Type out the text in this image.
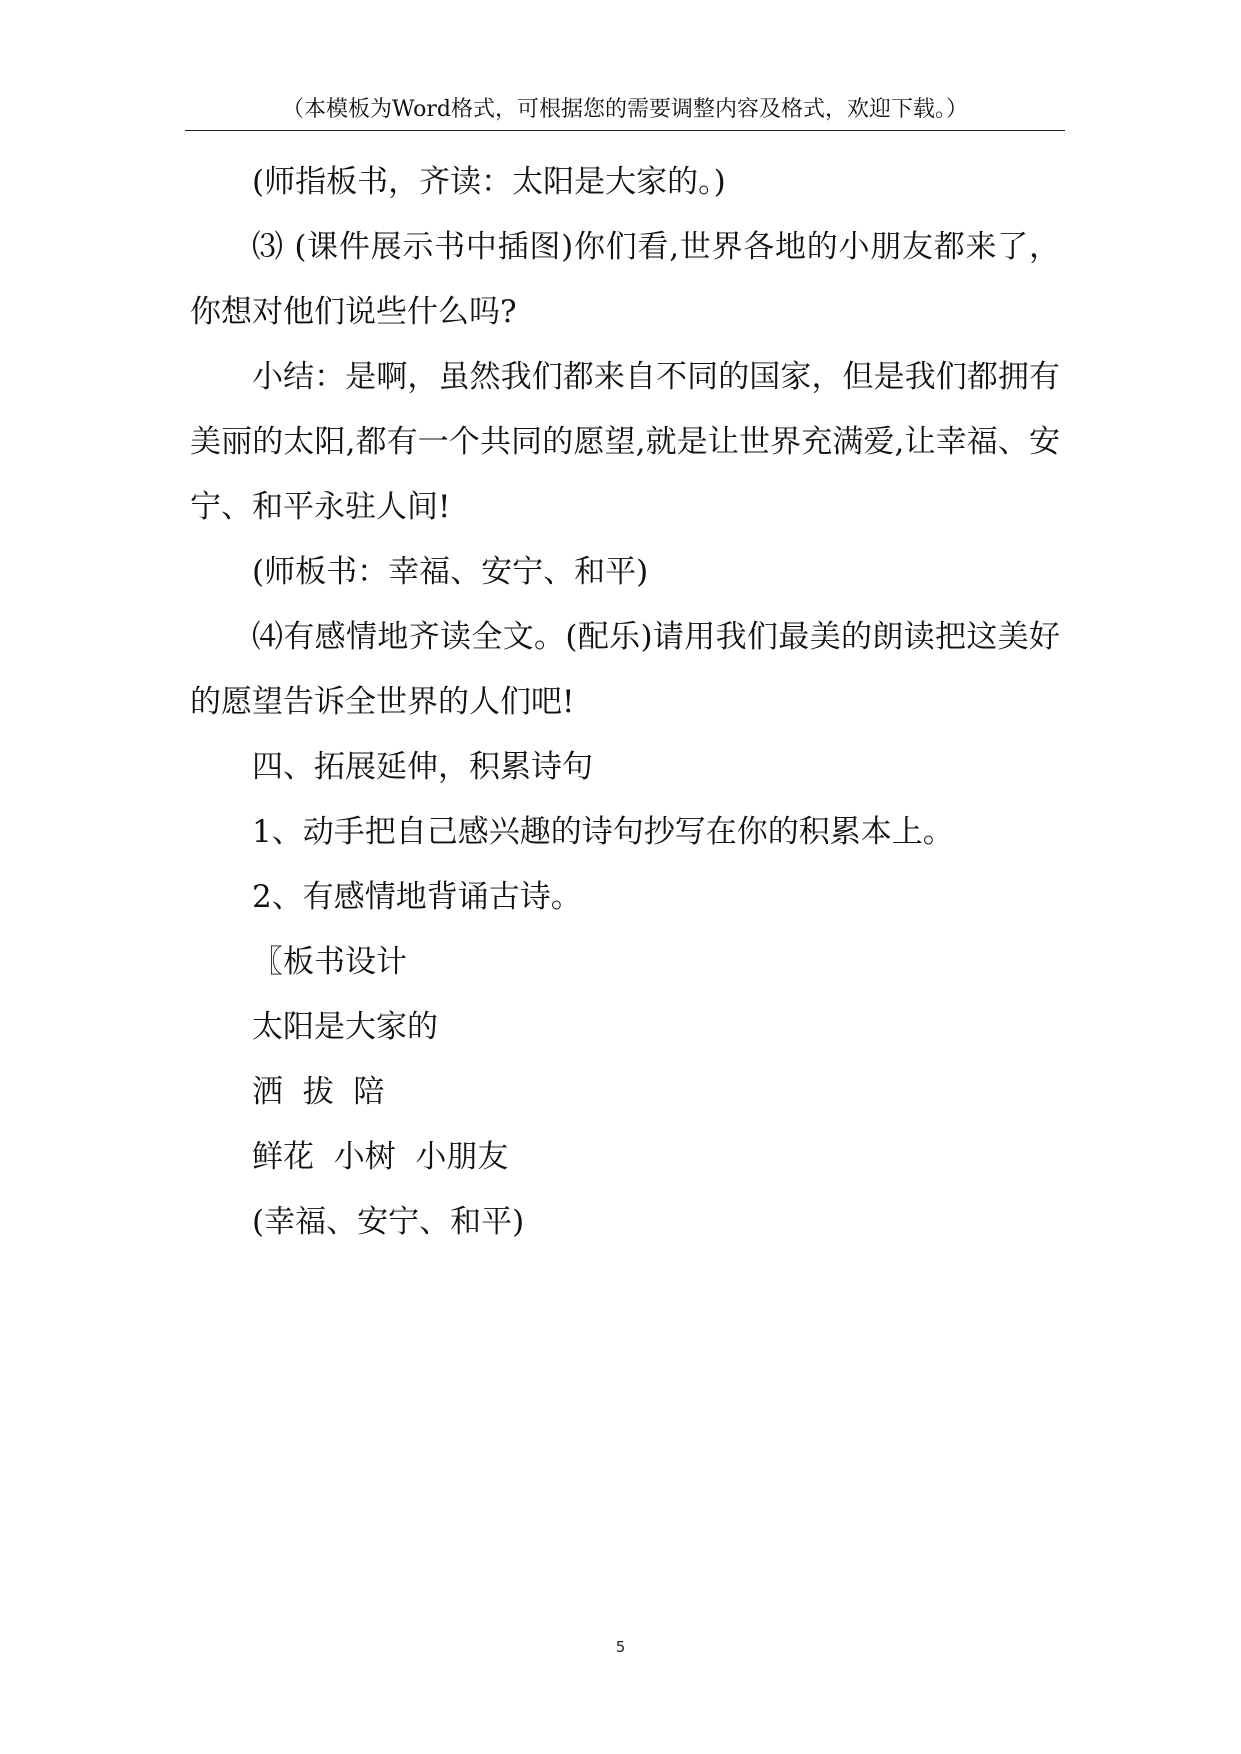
（本模板为Word格式，可根据您的需要调整内容及格式，欢迎下载。）

(师指板书，齐读：太阳是大家的。)

⑶ (课件展示书中插图)你们看,世界各地的小朋友都来了，你想对他们说些什么吗?

小结：是啊，虽然我们都来自不同的国家，但是我们都拥有美丽的太阳,都有一个共同的愿望,就是让世界充满爱,让幸福、安宁、和平永驻人间!

(师板书：幸福、安宁、和平)

⑷有感情地齐读全文。(配乐)请用我们最美的朗读把这美好的愿望告诉全世界的人们吧!

四、拓展延伸，积累诗句

1、动手把自己感兴趣的诗句抄写在你的积累本上。

2、有感情地背诵古诗。

〖板书设计

太阳是大家的

洒  拔  陪

鲜花  小树  小朋友

(幸福、安宁、和平)

5
